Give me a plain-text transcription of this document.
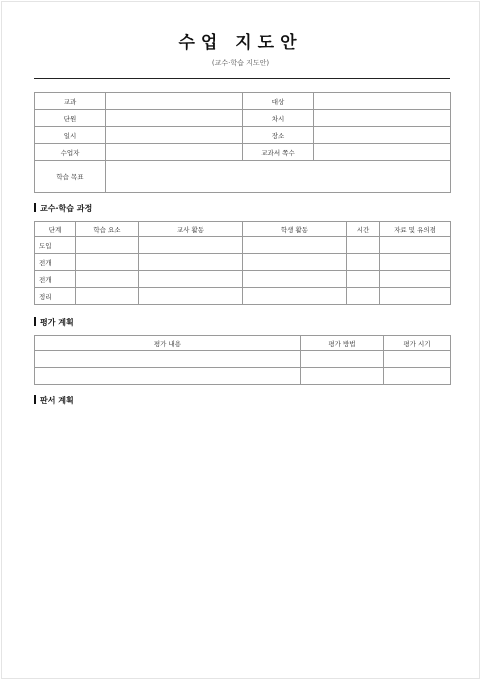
수업 지도안
(교수·학습 지도안)
교과		대상	
단원		차시	
일시		장소	
수업자		교과서 쪽수	
학습 목표			
교수·학습 과정
단계	학습 요소	교사 활동	학생 활동	시간	자료 및 유의점
도입					
전개					
전개					
정리					
평가 계획
평가 내용	평가 방법	평가 시기

판서 계획
